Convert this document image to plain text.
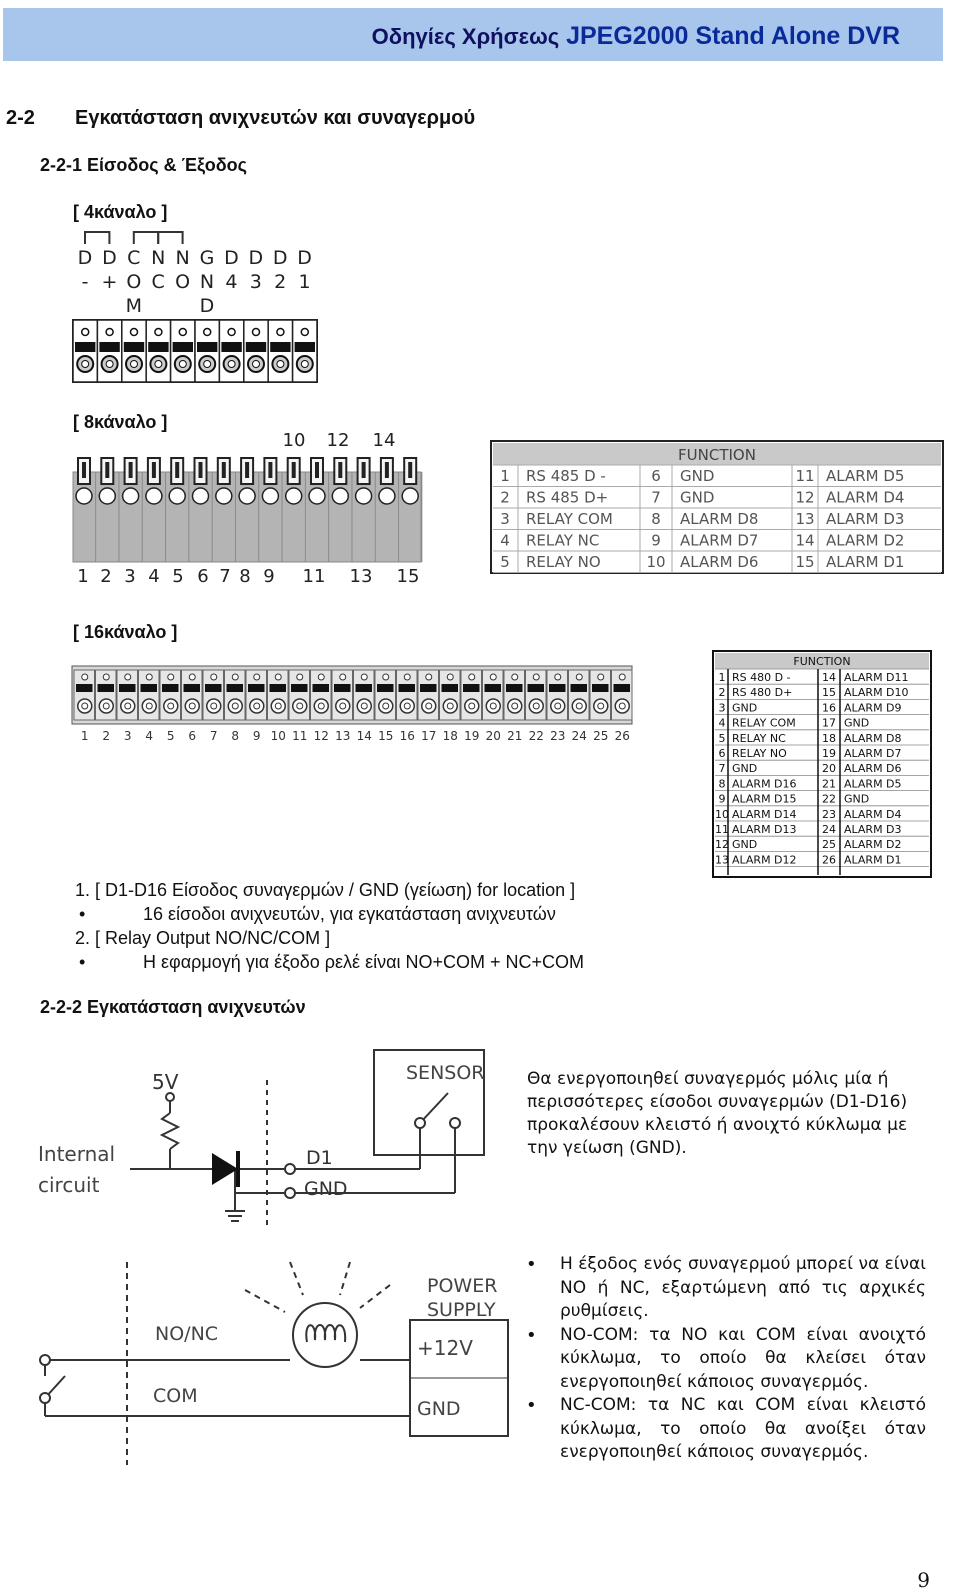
Οδηγίες Χρήσεως JPEG2000 Stand Alone DVR
2-2 Εγκατάσταση ανιχνευτών και συναγερμού
2-2-1 Είσοδος & Έξοδος
[ 4κάναλο ]
D
-
D
+
C
O
M
N
C
N
O
G
N
D
D
4
D
3
D
2
D
1
[ 8κάναλο ]
10 12 14
1 2 3 4 5 6 7 8 9 11 13 15
FUNCTION
1 RS 485 D -	6 GND	11 ALARM D5
2 RS 485 D+	7 GND	12 ALARM D4
3 RELAY COM	8 ALARM D8 13 ALARM D3
4 RELAY NC	9 ALARM D7 14 ALARM D2
5 RELAY NO	10 ALARM D6 15 ALARM D1
[ 16κάναλο ]
1 2 3 4 5 6 7 8 9 10 11 12 13 14 15 16 17 18 19 20 21 22 23 24 25 26
FUNCTION
1 RS 480 D -	14 ALARM D11
2 RS 480 D+	15 ALARM D10
3 GND	16 ALARM D9
4 RELAY COM 17 GND
5 RELAY NC	18 ALARM D8
6 RELAY NO	19 ALARM D7
7 GND	20 ALARM D6
8 ALARM D16 21 ALARM D5
9 ALARM D15 22 GND
10 ALARM D14 23 ALARM D4
11 ALARM D13 24 ALARM D3
12 GND	25 ALARM D2
13 ALARM D12 26 ALARM D1
1. [ D1-D16 Είσοδος συναγερμών / GND (γείωση) for location ]
•	16 είσοδοι ανιχνευτών, για εγκατάσταση ανιχνευτών
2. [ Relay Output NO/NC/COM ]
•	Η εφαρμογή για έξοδο ρελέ είναι NO+COM + NC+COM
2-2-2 Εγκατάσταση ανιχνευτών
5V
Internal
circuit
SENSOR
D1
GND
Θα ενεργοποιηθεί συναγερμός μόλις μία ή περισσότερες είσοδοι συναγερμών (D1-D16) προκαλέσουν κλειστό ή ανοιχτό κύκλωμα με την γείωση (GND).
NO/NC
COM
POWER
SUPPLY
+12V
GND
• Η έξοδος ενός συναγερμού μπορεί να είναι NO ή NC, εξαρτώμενη από τις αρχικές ρυθμίσεις.
• NO-COM: τα NO και COM είναι ανοιχτό κύκλωμα, το οποίο θα κλείσει όταν ενεργοποιηθεί κάποιος συναγερμός.
• NC-COM: τα NC και COM είναι κλειστό κύκλωμα, το οποίο θα ανοίξει όταν ενεργοποιηθεί κάποιος συναγερμός.
9
